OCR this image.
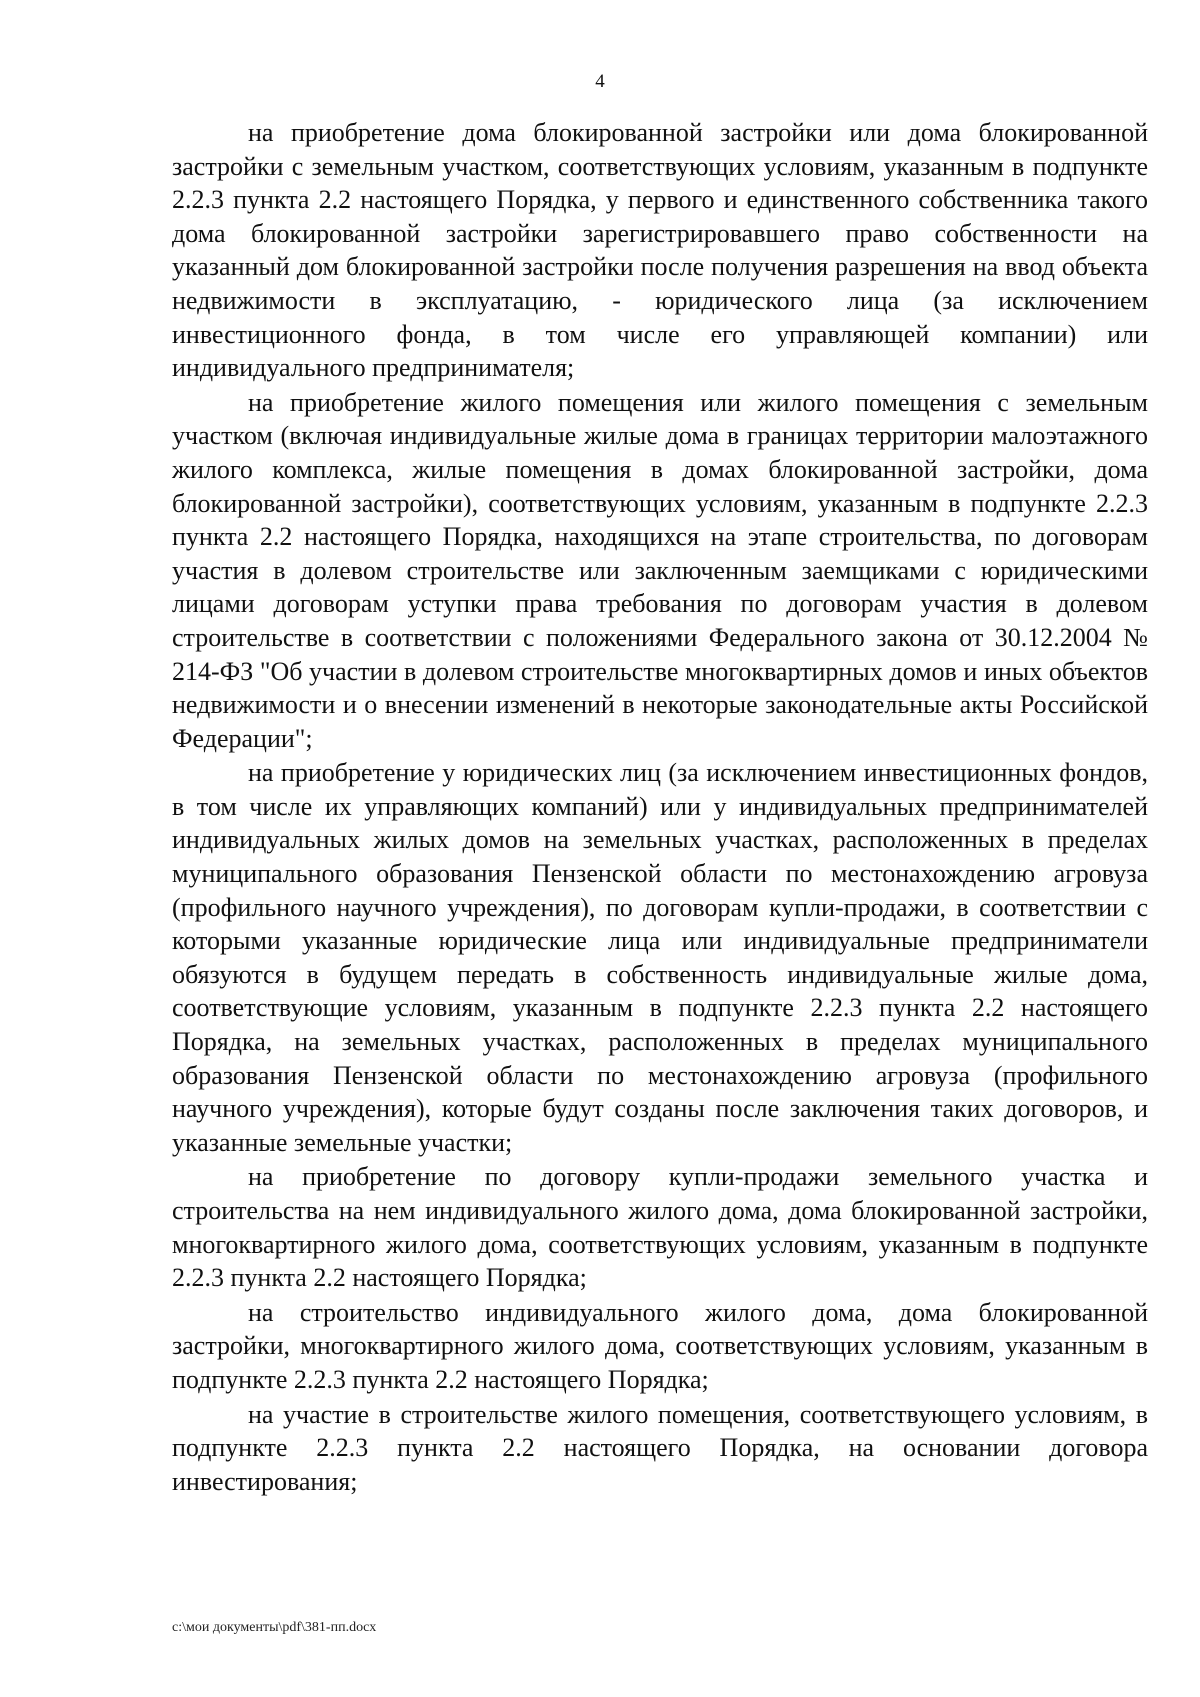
4

на приобретение дома блокированной застройки или дома блокированной застройки с земельным участком, соответствующих условиям, указанным в подпункте 2.2.3 пункта 2.2 настоящего Порядка, у первого и единственного собственника такого дома блокированной застройки зарегистрировавшего право собственности на указанный дом блокированной застройки после получения разрешения на ввод объекта недвижимости в эксплуатацию, - юридического лица (за исключением инвестиционного фонда, в том числе его управляющей компании) или индивидуального предпринимателя;

на приобретение жилого помещения или жилого помещения с земельным участком (включая индивидуальные жилые дома в границах территории малоэтажного жилого комплекса, жилые помещения в домах блокированной застройки, дома блокированной застройки), соответствующих условиям, указанным в подпункте 2.2.3 пункта 2.2 настоящего Порядка, находящихся на этапе строительства, по договорам участия в долевом строительстве или заключенным заемщиками с юридическими лицами договорам уступки права требования по договорам участия в долевом строительстве в соответствии с положениями Федерального закона от 30.12.2004 № 214-ФЗ "Об участии в долевом строительстве многоквартирных домов и иных объектов недвижимости и о внесении изменений в некоторые законодательные акты Российской Федерации";

на приобретение у юридических лиц (за исключением инвестиционных фондов, в том числе их управляющих компаний) или у индивидуальных предпринимателей индивидуальных жилых домов на земельных участках, расположенных в пределах муниципального образования Пензенской области по местонахождению агровуза (профильного научного учреждения), по договорам купли-продажи, в соответствии с которыми указанные юридические лица или индивидуальные предприниматели обязуются в будущем передать в собственность индивидуальные жилые дома, соответствующие условиям, указанным в подпункте 2.2.3 пункта 2.2 настоящего Порядка, на земельных участках, расположенных в пределах муниципального образования Пензенской области по местонахождению агровуза (профильного научного учреждения), которые будут созданы после заключения таких договоров, и указанные земельные участки;

на приобретение по договору купли-продажи земельного участка и строительства на нем индивидуального жилого дома, дома блокированной застройки, многоквартирного жилого дома, соответствующих условиям, указанным в подпункте 2.2.3 пункта 2.2 настоящего Порядка;

на строительство индивидуального жилого дома, дома блокированной застройки, многоквартирного жилого дома, соответствующих условиям, указанным в подпункте 2.2.3 пункта 2.2 настоящего Порядка;

на участие в строительстве жилого помещения, соответствующего условиям, в подпункте 2.2.3 пункта 2.2 настоящего Порядка, на основании договора инвестирования;

c:\мои документы\pdf\381-пп.docx
